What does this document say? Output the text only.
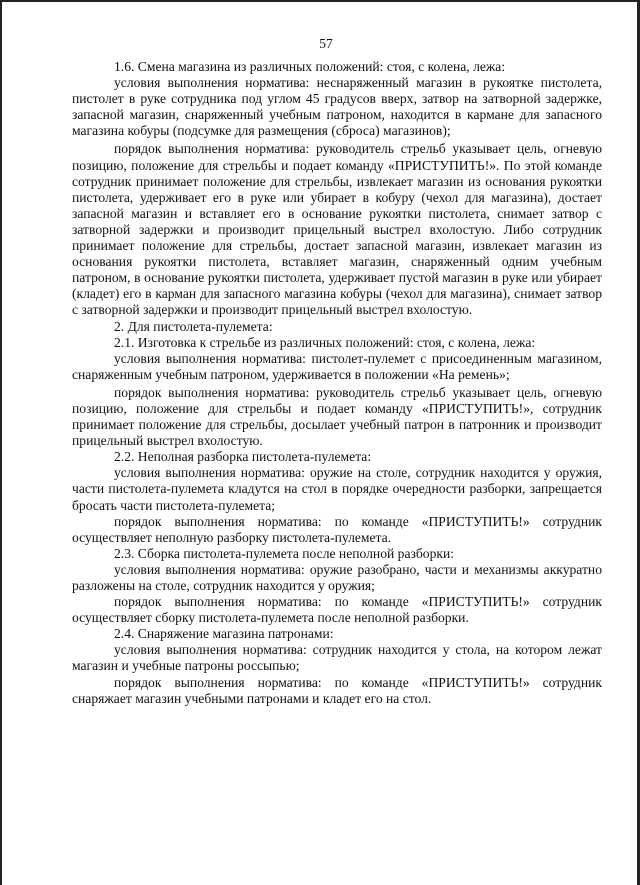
57

1.6. Смена магазина из различных положений: стоя, с колена, лежа:

условия выполнения норматива: неснаряженный магазин в рукоятке пистолета, пистолет в руке сотрудника под углом 45 градусов вверх, затвор на затворной задержке, запасной магазин, снаряженный учебным патроном, находится в кармане для запасного магазина кобуры (подсумке для размещения (сброса) магазинов);

порядок выполнения норматива: руководитель стрельб указывает цель, огневую позицию, положение для стрельбы и подает команду «ПРИСТУПИТЬ!». По этой команде сотрудник принимает положение для стрельбы, извлекает магазин из основания рукоятки пистолета, удерживает его в руке или убирает в кобуру (чехол для магазина), достает запасной магазин и вставляет его в основание рукоятки пистолета, снимает затвор с затворной задержки и производит прицельный выстрел вхолостую. Либо сотрудник принимает положение для стрельбы, достает запасной магазин, извлекает магазин из основания рукоятки пистолета, вставляет магазин, снаряженный одним учебным патроном, в основание рукоятки пистолета, удерживает пустой магазин в руке или убирает (кладет) его в карман для запасного магазина кобуры (чехол для магазина), снимает затвор с затворной задержки и производит прицельный выстрел вхолостую.

2. Для пистолета-пулемета:

2.1. Изготовка к стрельбе из различных положений: стоя, с колена, лежа:

условия выполнения норматива: пистолет-пулемет с присоединенным магазином, снаряженным учебным патроном, удерживается в положении «На ремень»;

порядок выполнения норматива: руководитель стрельб указывает цель, огневую позицию, положение для стрельбы и подает команду «ПРИСТУПИТЬ!», сотрудник принимает положение для стрельбы, досылает учебный патрон в патронник и производит прицельный выстрел вхолостую.

2.2. Неполная разборка пистолета-пулемета:

условия выполнения норматива: оружие на столе, сотрудник находится у оружия, части пистолета-пулемета кладутся на стол в порядке очередности разборки, запрещается бросать части пистолета-пулемета;

порядок выполнения норматива: по команде «ПРИСТУПИТЬ!» сотрудник осуществляет неполную разборку пистолета-пулемета.

2.3. Сборка пистолета-пулемета после неполной разборки:

условия выполнения норматива: оружие разобрано, части и механизмы аккуратно разложены на столе, сотрудник находится у оружия;

порядок выполнения норматива: по команде «ПРИСТУПИТЬ!» сотрудник осуществляет сборку пистолета-пулемета после неполной разборки.

2.4. Снаряжение магазина патронами:

условия выполнения норматива: сотрудник находится у стола, на котором лежат магазин и учебные патроны россыпью;

порядок выполнения норматива: по команде «ПРИСТУПИТЬ!» сотрудник снаряжает магазин учебными патронами и кладет его на стол.
